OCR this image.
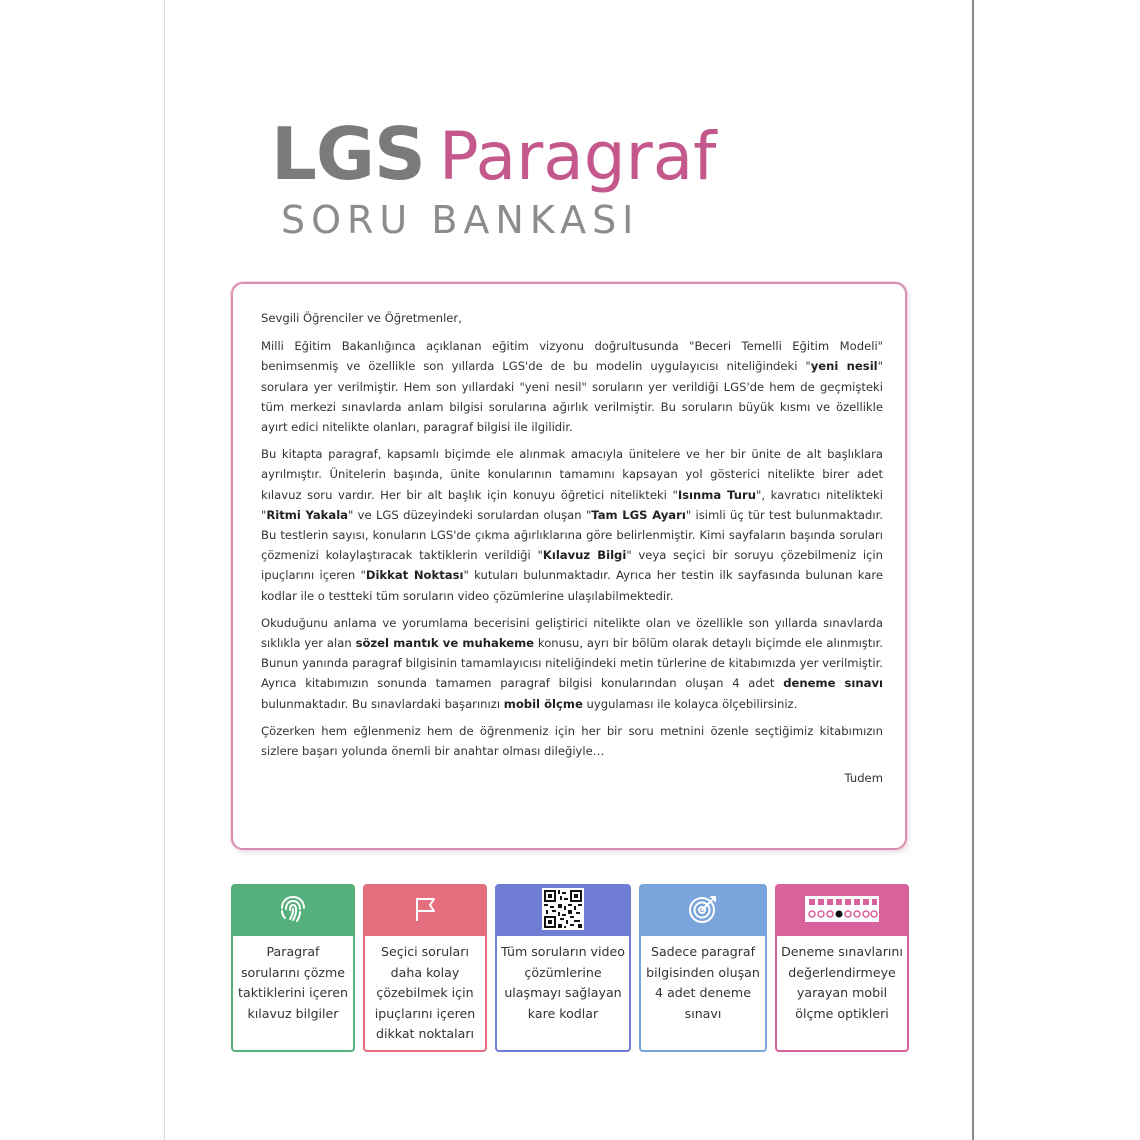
LGS Paragraf
SORU BANKASI

Sevgili Öğrenciler ve Öğretmenler,

Milli Eğitim Bakanlığınca açıklanan eğitim vizyonu doğrultusunda "Beceri Temelli Eğitim Modeli" benimsenmiş ve özellikle son yıllarda LGS'de de bu modelin uygulayıcısı niteliğindeki "yeni nesil" sorulara yer verilmiştir. Hem son yıllardaki "yeni nesil" soruların yer verildiği LGS'de hem de geçmişteki tüm merkezi sınavlarda anlam bilgisi sorularına ağırlık verilmiştir. Bu soruların büyük kısmı ve özellikle ayırt edici nitelikte olanları, paragraf bilgisi ile ilgilidir.

Bu kitapta paragraf, kapsamlı biçimde ele alınmak amacıyla ünitelere ve her bir ünite de alt başlıklara ayrılmıştır. Ünitelerin başında, ünite konularının tamamını kapsayan yol gösterici nitelikte birer adet kılavuz soru vardır. Her bir alt başlık için konuyu öğretici nitelikteki "Isınma Turu", kavratıcı nitelikteki "Ritmi Yakala" ve LGS düzeyindeki sorulardan oluşan "Tam LGS Ayarı" isimli üç tür test bulunmaktadır. Bu testlerin sayısı, konuların LGS'de çıkma ağırlıklarına göre belirlenmiştir. Kimi sayfaların başında soruları çözmenizi kolaylaştıracak taktiklerin verildiği "Kılavuz Bilgi" veya seçici bir soruyu çözebilmeniz için ipuçlarını içeren "Dikkat Noktası" kutuları bulunmaktadır. Ayrıca her testin ilk sayfasında bulunan kare kodlar ile o testteki tüm soruların video çözümlerine ulaşılabilmektedir.

Okuduğunu anlama ve yorumlama becerisini geliştirici nitelikte olan ve özellikle son yıllarda sınavlarda sıklıkla yer alan sözel mantık ve muhakeme konusu, ayrı bir bölüm olarak detaylı biçimde ele alınmıştır. Bunun yanında paragraf bilgisinin tamamlayıcısı niteliğindeki metin türlerine de kitabımızda yer verilmiştir. Ayrıca kitabımızın sonunda tamamen paragraf bilgisi konularından oluşan 4 adet deneme sınavı bulunmaktadır. Bu sınavlardaki başarınızı mobil ölçme uygulaması ile kolayca ölçebilirsiniz.

Çözerken hem eğlenmeniz hem de öğrenmeniz için her bir soru metnini özenle seçtiğimiz kitabımızın sizlere başarı yolunda önemli bir anahtar olması dileğiyle…

Tudem

Paragraf sorularını çözme taktiklerini içeren kılavuz bilgiler
Seçici soruları daha kolay çözebilmek için ipuçlarını içeren dikkat noktaları
Tüm soruların video çözümlerine ulaşmayı sağlayan kare kodlar
Sadece paragraf bilgisinden oluşan 4 adet deneme sınavı
Deneme sınavlarını değerlendirmeye yarayan mobil ölçme optikleri
